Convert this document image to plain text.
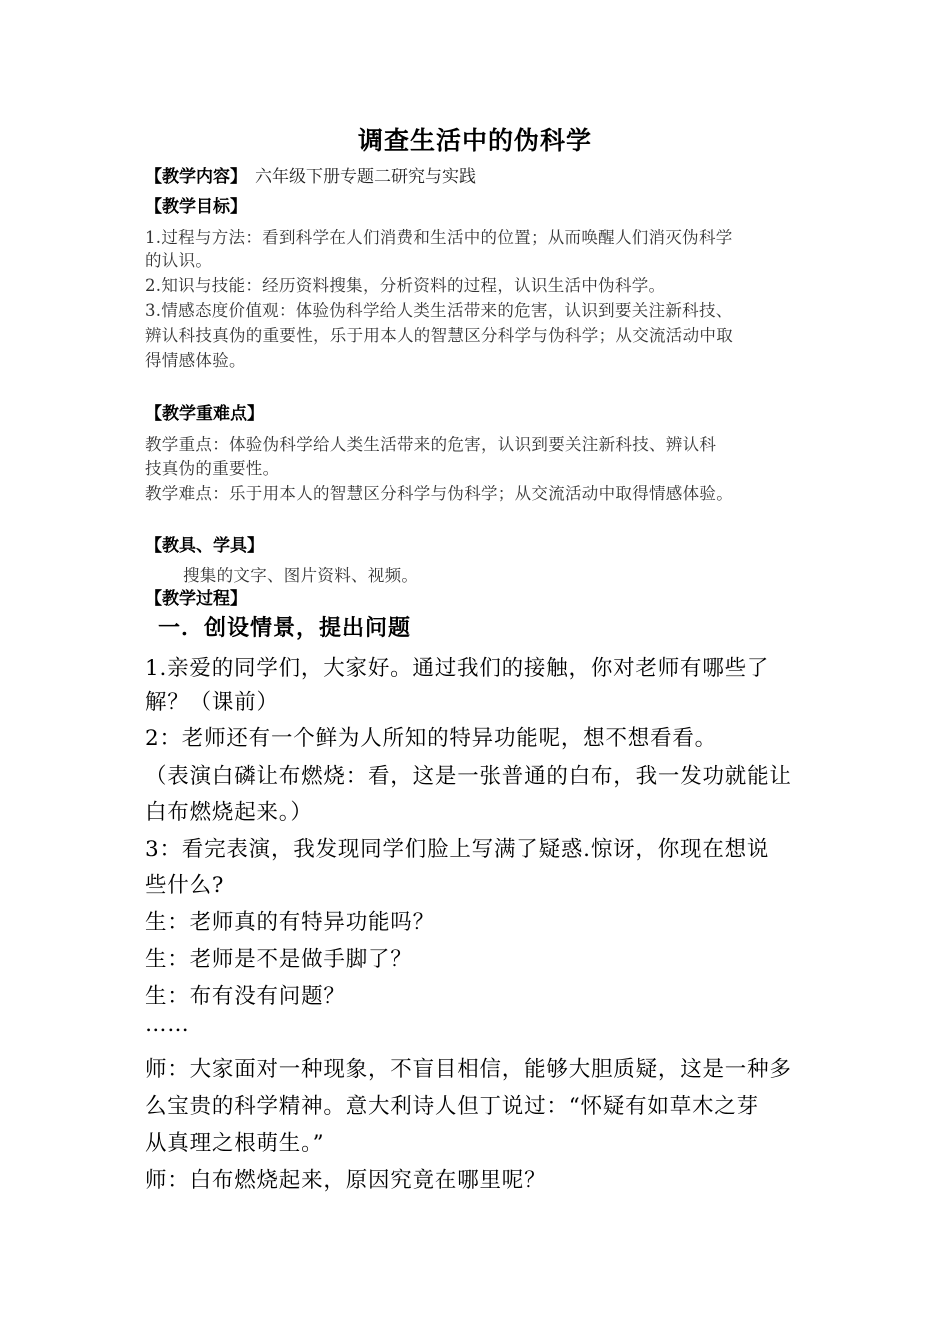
调查生活中的伪科学
【教学内容】 六年级下册专题二研究与实践
【教学目标】
1.过程与方法：看到科学在人们消费和生活中的位置；从而唤醒人们消灭伪科学
的认识。
2.知识与技能：经历资料搜集，分析资料的过程，认识生活中伪科学。
3.情感态度价值观：体验伪科学给人类生活带来的危害，认识到要关注新科技、
辨认科技真伪的重要性，乐于用本人的智慧区分科学与伪科学；从交流活动中取
得情感体验。
【教学重难点】
教学重点：体验伪科学给人类生活带来的危害，认识到要关注新科技、辨认科
技真伪的重要性。
教学难点：乐于用本人的智慧区分科学与伪科学；从交流活动中取得情感体验。
【教具、学具】
搜集的文字、图片资料、视频。
【教学过程】
一．创设情景，提出问题
1.亲爱的同学们，大家好。通过我们的接触，你对老师有哪些了
解？（课前）
2：老师还有一个鲜为人所知的特异功能呢，想不想看看。
（表演白磷让布燃烧：看，这是一张普通的白布，我一发功就能让
白布燃烧起来。）
3：看完表演，我发现同学们脸上写满了疑惑.惊讶，你现在想说
些什么?
生：老师真的有特异功能吗？
生：老师是不是做手脚了？
生：布有没有问题？
……
师：大家面对一种现象，不盲目相信，能够大胆质疑，这是一种多
么宝贵的科学精神。意大利诗人但丁说过：“怀疑有如草木之芽
从真理之根萌生。”
师：白布燃烧起来，原因究竟在哪里呢？
